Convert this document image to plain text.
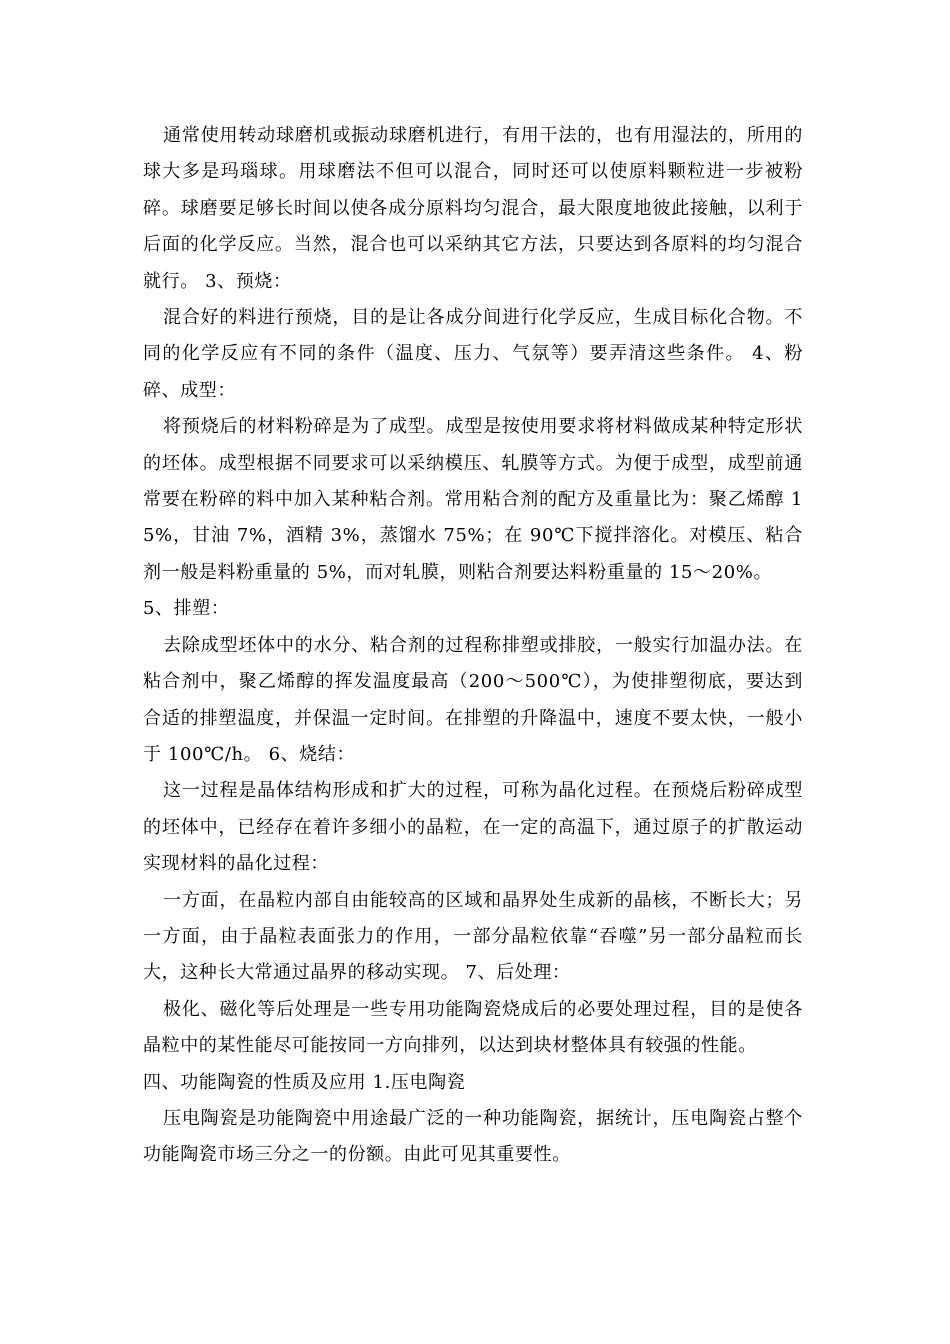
通常使用转动球磨机或振动球磨机进行，有用干法的，也有用湿法的，所用的球大多是玛瑙球。用球磨法不但可以混合，同时还可以使原料颗粒进一步被粉碎。球磨要足够长时间以使各成分原料均匀混合，最大限度地彼此接触，以利于后面的化学反应。当然，混合也可以采纳其它方法，只要达到各原料的均匀混合就行。 3、预烧：

混合好的料进行预烧，目的是让各成分间进行化学反应，生成目标化合物。不同的化学反应有不同的条件（温度、压力、气氛等）要弄清这些条件。 4、粉碎、成型：

将预烧后的材料粉碎是为了成型。成型是按使用要求将材料做成某种特定形状的坯体。成型根据不同要求可以采纳模压、轧膜等方式。为便于成型，成型前通常要在粉碎的料中加入某种粘合剂。常用粘合剂的配方及重量比为：聚乙烯醇 15%，甘油 7%，酒精 3%，蒸馏水 75%；在 90℃下搅拌溶化。对模压、粘合剂一般是料粉重量的 5%，而对轧膜，则粘合剂要达料粉重量的 15～20%。

5、排塑：

去除成型坯体中的水分、粘合剂的过程称排塑或排胶，一般实行加温办法。在粘合剂中，聚乙烯醇的挥发温度最高（200～500℃），为使排塑彻底，要达到合适的排塑温度，并保温一定时间。在排塑的升降温中，速度不要太快，一般小于 100℃/h。 6、烧结：

这一过程是晶体结构形成和扩大的过程，可称为晶化过程。在预烧后粉碎成型的坯体中，已经存在着许多细小的晶粒，在一定的高温下，通过原子的扩散运动实现材料的晶化过程：

一方面，在晶粒内部自由能较高的区域和晶界处生成新的晶核，不断长大；另一方面，由于晶粒表面张力的作用，一部分晶粒依靠“吞噬”另一部分晶粒而长大，这种长大常通过晶界的移动实现。 7、后处理：

极化、磁化等后处理是一些专用功能陶瓷烧成后的必要处理过程，目的是使各晶粒中的某性能尽可能按同一方向排列，以达到块材整体具有较强的性能。

四、功能陶瓷的性质及应用 1.压电陶瓷

压电陶瓷是功能陶瓷中用途最广泛的一种功能陶瓷，据统计，压电陶瓷占整个功能陶瓷市场三分之一的份额。由此可见其重要性。
